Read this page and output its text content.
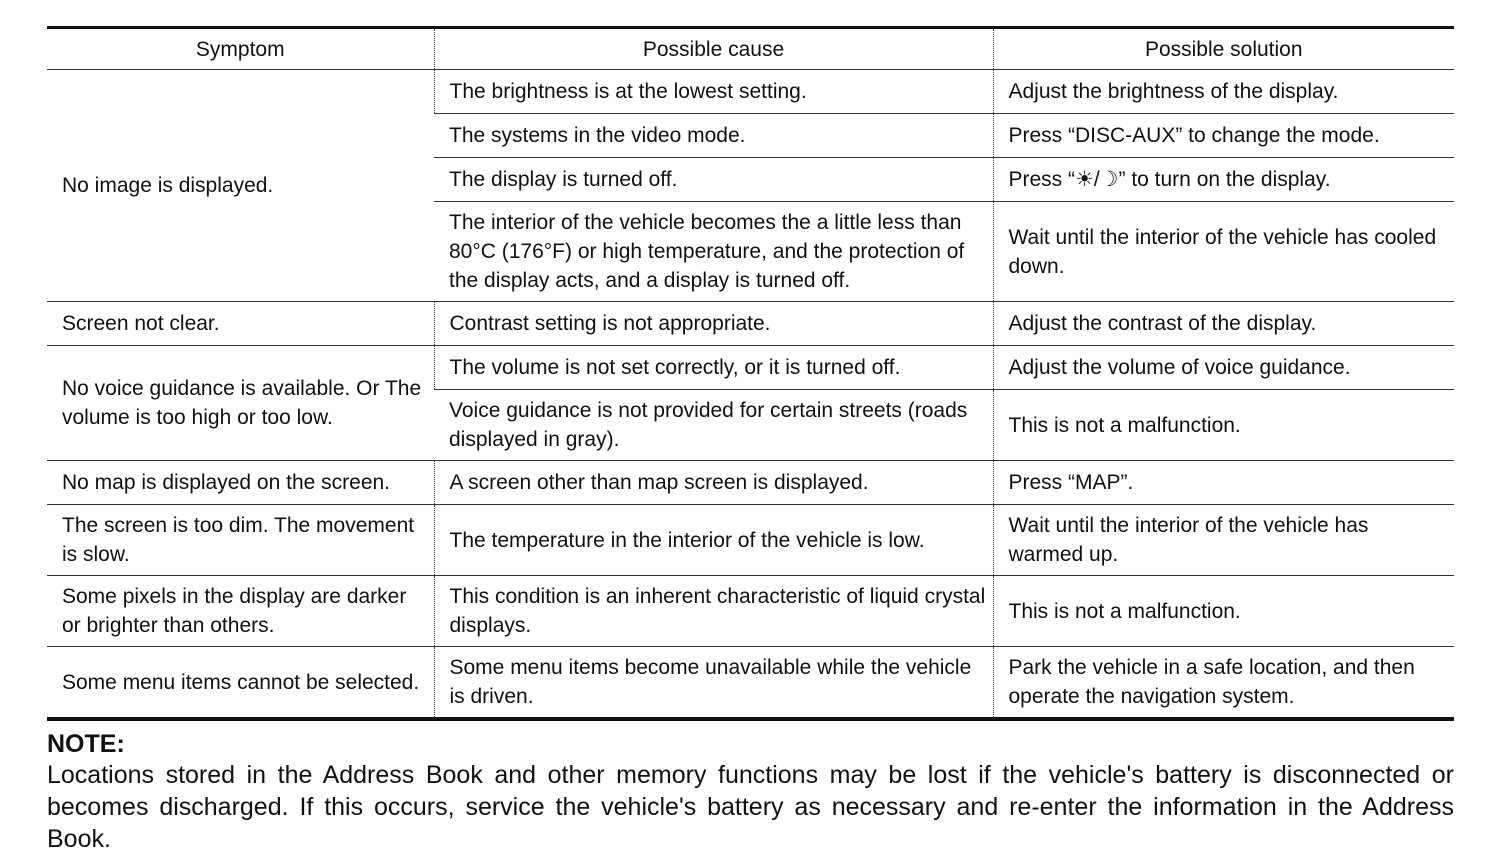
Symptom	Possible cause	Possible solution
No image is displayed.	The brightness is at the lowest setting.	Adjust the brightness of the display.
	The systems in the video mode.	Press “DISC-AUX” to change the mode.
	The display is turned off.	Press “☀/☽” to turn on the display.
	The interior of the vehicle becomes the a little less than 80°C (176°F) or high temperature, and the protection of the display acts, and a display is turned off.	Wait until the interior of the vehicle has cooled down.
Screen not clear.	Contrast setting is not appropriate.	Adjust the contrast of the display.
No voice guidance is available. Or The volume is too high or too low.	The volume is not set correctly, or it is turned off.	Adjust the volume of voice guidance.
	Voice guidance is not provided for certain streets (roads displayed in gray).	This is not a malfunction.
No map is displayed on the screen.	A screen other than map screen is displayed.	Press “MAP”.
The screen is too dim. The movement is slow.	The temperature in the interior of the vehicle is low.	Wait until the interior of the vehicle has warmed up.
Some pixels in the display are darker or brighter than others.	This condition is an inherent characteristic of liquid crystal displays.	This is not a malfunction.
Some menu items cannot be selected.	Some menu items become unavailable while the vehicle is driven.	Park the vehicle in a safe location, and then operate the navigation system.
NOTE:

Locations stored in the Address Book and other memory functions may be lost if the vehicle's battery is disconnected or becomes discharged. If this occurs, service the vehicle's battery as necessary and re-enter the information in the Address Book.
